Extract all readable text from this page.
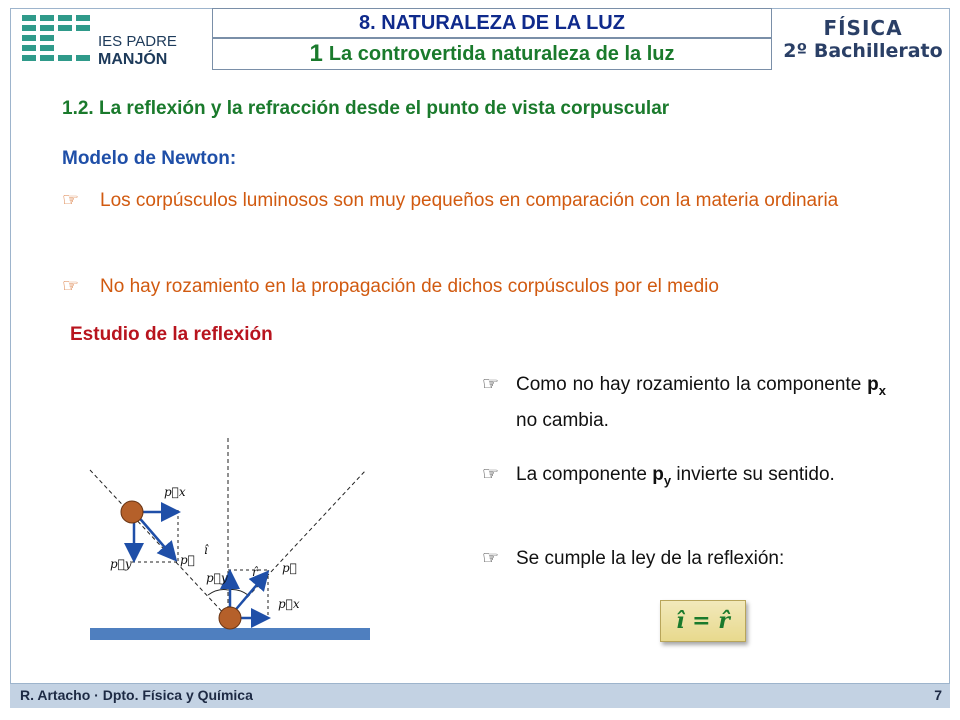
IES PADRE
MANJÓN
8. NATURALEZA DE LA LUZ
1 La controvertida naturaleza de la luz
FÍSICA
2º Bachillerato
1.2. La reflexión y la refracción desde el punto de vista corpuscular
Modelo de Newton:
☞ Los corpúsculos luminosos son muy pequeños en comparación con la materia ordinaria
☞ No hay rozamiento en la propagación de dichos corpúsculos por el medio
Estudio de la reflexión
☞ Como no hay rozamiento la componente $p_x$ no cambia.
☞ La componente $p_y$ invierte su sentido.
☞ Se cumple la ley de la reflexión:
î = r̂
p⃗x
p⃗y	p⃗
î
p⃗y r̂ p⃗
p⃗x
R. Artacho · Dpto. Física y Química	7
